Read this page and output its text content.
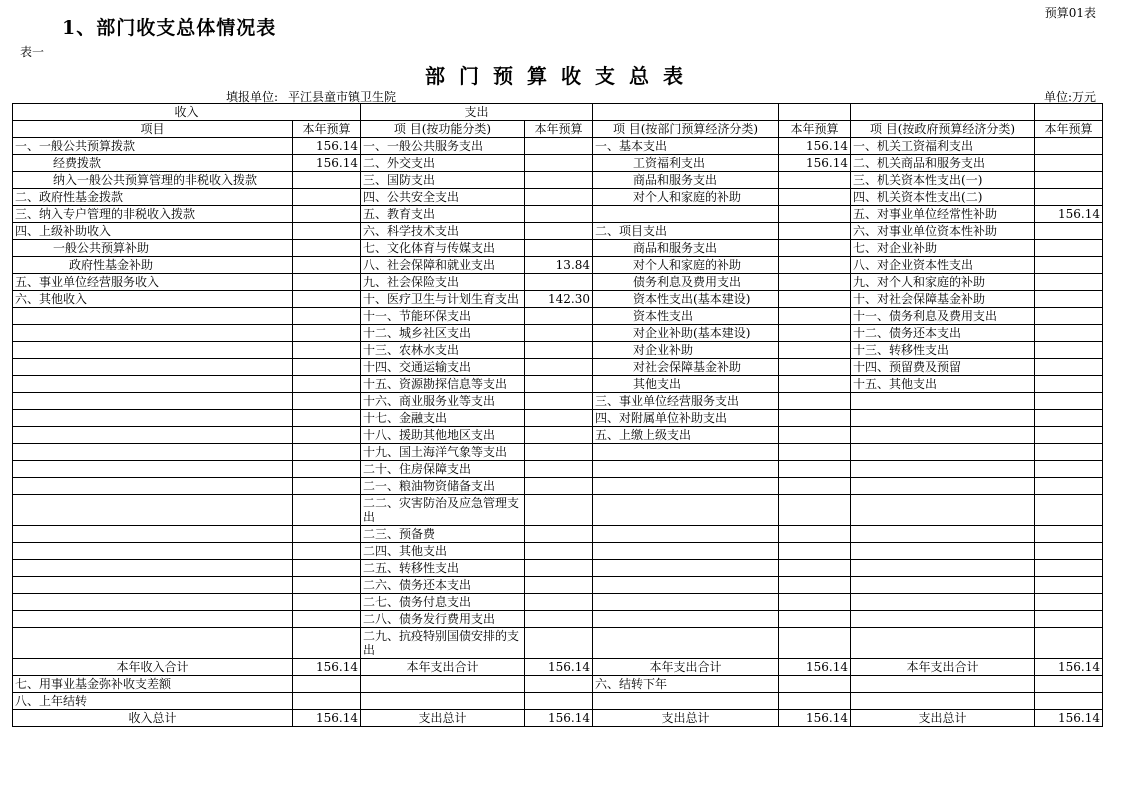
1、部门收支总体情况表
预算01表
表一
部门预算收支总表
填报单位: 平江县童市镇卫生院	单位:万元
收入		支出					
项目	本年预算	项 目(按功能分类)	本年预算	项 目(按部门预算经济分类)	本年预算	项 目(按政府预算经济分类)	本年预算
一、一般公共预算拨款	156.14	一、一般公共服务支出		一、基本支出	156.14	一、机关工资福利支出	
经费拨款	156.14	二、外交支出		工资福利支出	156.14	二、机关商品和服务支出	
纳入一般公共预算管理的非税收入拨款		三、国防支出		商品和服务支出		三、机关资本性支出(一)	
二、政府性基金拨款		四、公共安全支出		对个人和家庭的补助		四、机关资本性支出(二)	
三、纳入专户管理的非税收入拨款		五、教育支出				五、对事业单位经常性补助	156.14
四、上级补助收入		六、科学技术支出		二、项目支出		六、对事业单位资本性补助	
一般公共预算补助		七、文化体育与传媒支出		商品和服务支出		七、对企业补助	
政府性基金补助		八、社会保障和就业支出	13.84	对个人和家庭的补助		八、对企业资本性支出	
五、事业单位经营服务收入		九、社会保险支出		债务利息及费用支出		九、对个人和家庭的补助	
六、其他收入		十、医疗卫生与计划生育支出	142.30	资本性支出(基本建设)		十、对社会保障基金补助	
		十一、节能环保支出		资本性支出		十一、债务利息及费用支出	
		十二、城乡社区支出		对企业补助(基本建设)		十二、债务还本支出	
		十三、农林水支出		对企业补助		十三、转移性支出	
		十四、交通运输支出		对社会保障基金补助		十四、预留费及预留	
		十五、资源勘探信息等支出		其他支出		十五、其他支出	
		十六、商业服务业等支出		三、事业单位经营服务支出			
		十七、金融支出		四、对附属单位补助支出			
		十八、援助其他地区支出		五、上缴上级支出			
		十九、国土海洋气象等支出					
		二十、住房保障支出					
		二一、粮油物资储备支出					
		二二、灾害防治及应急管理支出					
		二三、预备费					
		二四、其他支出					
		二五、转移性支出					
		二六、债务还本支出					
		二七、债务付息支出					
		二八、债务发行费用支出					
		二九、抗疫特别国债安排的支出					
本年收入合计	156.14	本年支出合计	156.14	本年支出合计	156.14	本年支出合计	156.14
七、用事业基金弥补收支差额				六、结转下年			
八、上年结转							
收入总计	156.14	支出总计	156.14	支出总计	156.14	支出总计	156.14
